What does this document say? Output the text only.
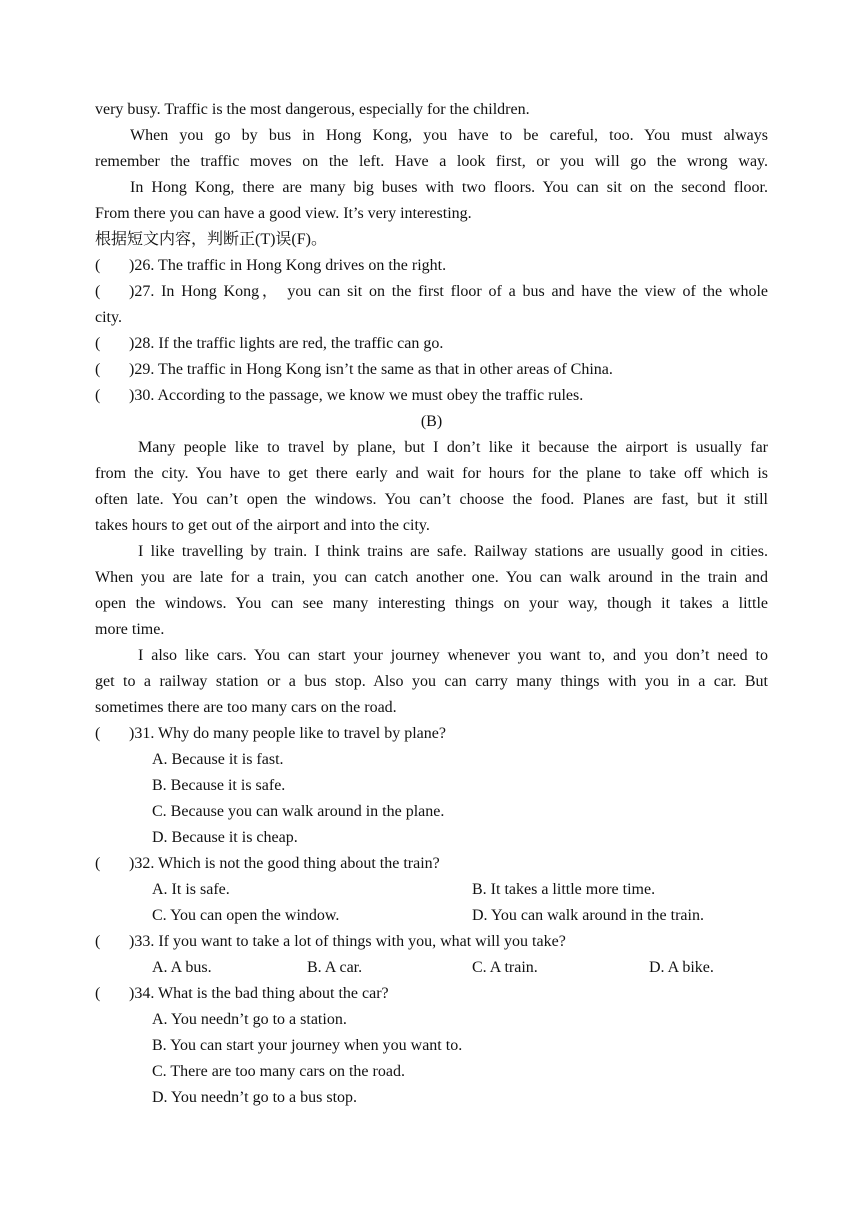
very busy. Traffic is the most dangerous, especially for the children.
When you go by bus in Hong Kong, you have to be careful, too. You must always
remember the traffic moves on the left. Have a look first, or you will go the wrong way.
In Hong Kong, there are many big buses with two floors. You can sit on the second floor.
From there you can have a good view. It’s very interesting.
根据短文内容，判断正(T)误(F)。
(	)26. The traffic in Hong Kong drives on the right.
(	)27. In Hong Kong， you can sit on the first floor of a bus and have the view of the whole
city.
(	)28. If the traffic lights are red, the traffic can go.
(	)29. The traffic in Hong Kong isn’t the same as that in other areas of China.
(	)30. According to the passage, we know we must obey the traffic rules.
(B)
Many people like to travel by plane, but I don’t like it because the airport is usually far
from the city. You have to get there early and wait for hours for the plane to take off which is
often late. You can’t open the windows. You can’t choose the food. Planes are fast, but it still
takes hours to get out of the airport and into the city.
I like travelling by train. I think trains are safe. Railway stations are usually good in cities.
When you are late for a train, you can catch another one. You can walk around in the train and
open the windows. You can see many interesting things on your way, though it takes a little
more time.
I also like cars. You can start your journey whenever you want to, and you don’t need to
get to a railway station or a bus stop. Also you can carry many things with you in a car. But
sometimes there are too many cars on the road.
(	)31. Why do many people like to travel by plane?
A. Because it is fast.
B. Because it is safe.
C. Because you can walk around in the plane.
D. Because it is cheap.
(	)32. Which is not the good thing about the train?
A. It is safe.	B. It takes a little more time.
C. You can open the window.	D. You can walk around in the train.
(	)33. If you want to take a lot of things with you, what will you take?
A. A bus.	B. A car.	C. A train.	D. A bike.
(	)34. What is the bad thing about the car?
A. You needn’t go to a station.
B. You can start your journey when you want to.
C. There are too many cars on the road.
D. You needn’t go to a bus stop.
